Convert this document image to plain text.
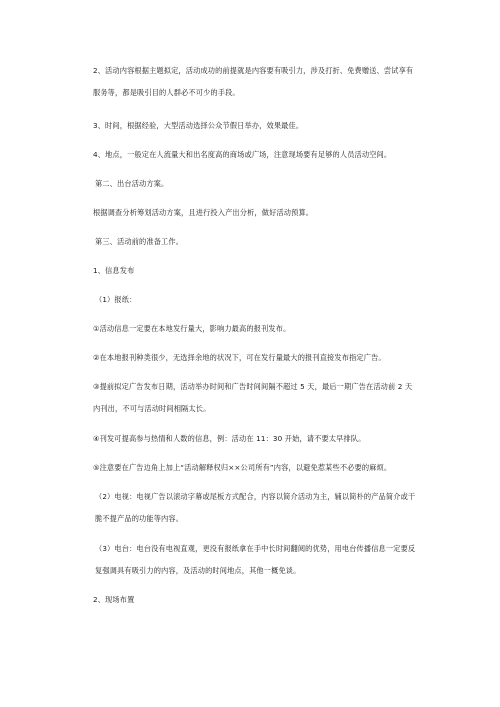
2、活动内容根据主题拟定，活动成功的前提就是内容要有吸引力，涉及打折、免费赠送、尝试享有
服务等，都是吸引目的人群必不可少的手段。
3、时间，根据经验，大型活动选择公众节假日举办，效果最佳。
4、地点，一般定在人流量大和出名度高的商场或广场，注意现场要有足够的人员活动空间。
第二、出台活动方案。
根据调查分析筹划活动方案，且进行投入产出分析，做好活动预算。
第三、活动前的准备工作。
1、信息发布
（1）报纸：
①活动信息一定要在本地发行量大，影响力最高的报刊发布。
②在本地报刊种类很少，无选择余地的状况下，可在发行量最大的报刊直接发布指定广告。
③提前拟定广告发布日期，活动举办时间和广告时间间隔不超过 5 天，最后一期广告在活动前 2 天
内刊出，不可与活动时间相隔太长。
④刊发可提高参与热情和人数的信息，例：活动在 11：30 开始，请不要太早排队。
⑤注意要在广告边角上加上“活动解释权归××公司所有”内容，以避免惹某些不必要的麻烦。
（2）电视：电视广告以滚动字幕或尾板方式配合，内容以简介活动为主，辅以简朴的产品简介或干
脆不提产品的功能等内容。
（3）电台：电台没有电视直观，更没有报纸拿在手中长时间翻阅的优势，用电台传播信息一定要反
复强调具有吸引力的内容，及活动的时间地点，其他一概免谈。
2、现场布置
